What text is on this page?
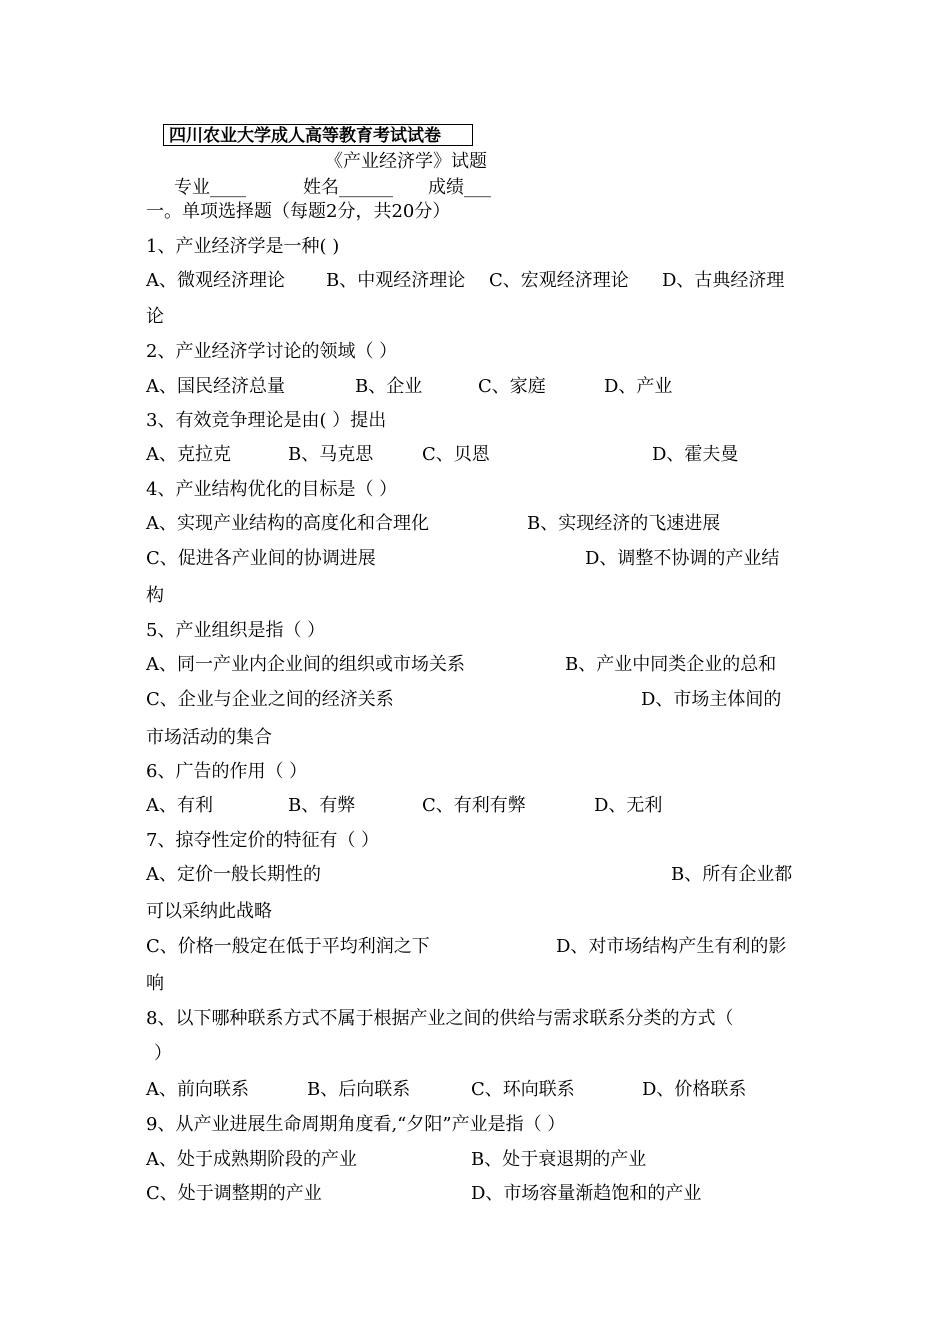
四川农业大学成人高等教育考试试卷
《产业经济学》试题
专业____	姓名______ 成绩___
一。单项选择题（每题2分，共20分）
1、产业经济学是一种( )
A、微观经济理论 B、中观经济理论 C、宏观经济理论 D、古典经济理
论
2、产业经济学讨论的领域（ ）
A、国民经济总量	B、企业	C、家庭	D、产业
3、有效竞争理论是由( ）提出
A、克拉克	B、马克思	C、贝恩	D、霍夫曼
4、产业结构优化的目标是（ ）
A、实现产业结构的高度化和合理化	B、实现经济的飞速进展
C、促进各产业间的协调进展	D、调整不协调的产业结
构
5、产业组织是指（ ）
A、同一产业内企业间的组织或市场关系	B、产业中同类企业的总和
C、企业与企业之间的经济关系	D、市场主体间的
市场活动的集合
6、广告的作用（ ）
A、有利	B、有弊	C、有利有弊	D、无利
7、掠夺性定价的特征有（ ）
A、定价一般长期性的	B、所有企业都
可以采纳此战略
C、价格一般定在低于平均利润之下	D、对市场结构产生有利的影
响
8、以下哪种联系方式不属于根据产业之间的供给与需求联系分类的方式（
）
A、前向联系	B、后向联系	C、环向联系	D、价格联系
9、从产业进展生命周期角度看,“夕阳”产业是指（ ）
A、处于成熟期阶段的产业	B、处于衰退期的产业
C、处于调整期的产业	D、市场容量渐趋饱和的产业
